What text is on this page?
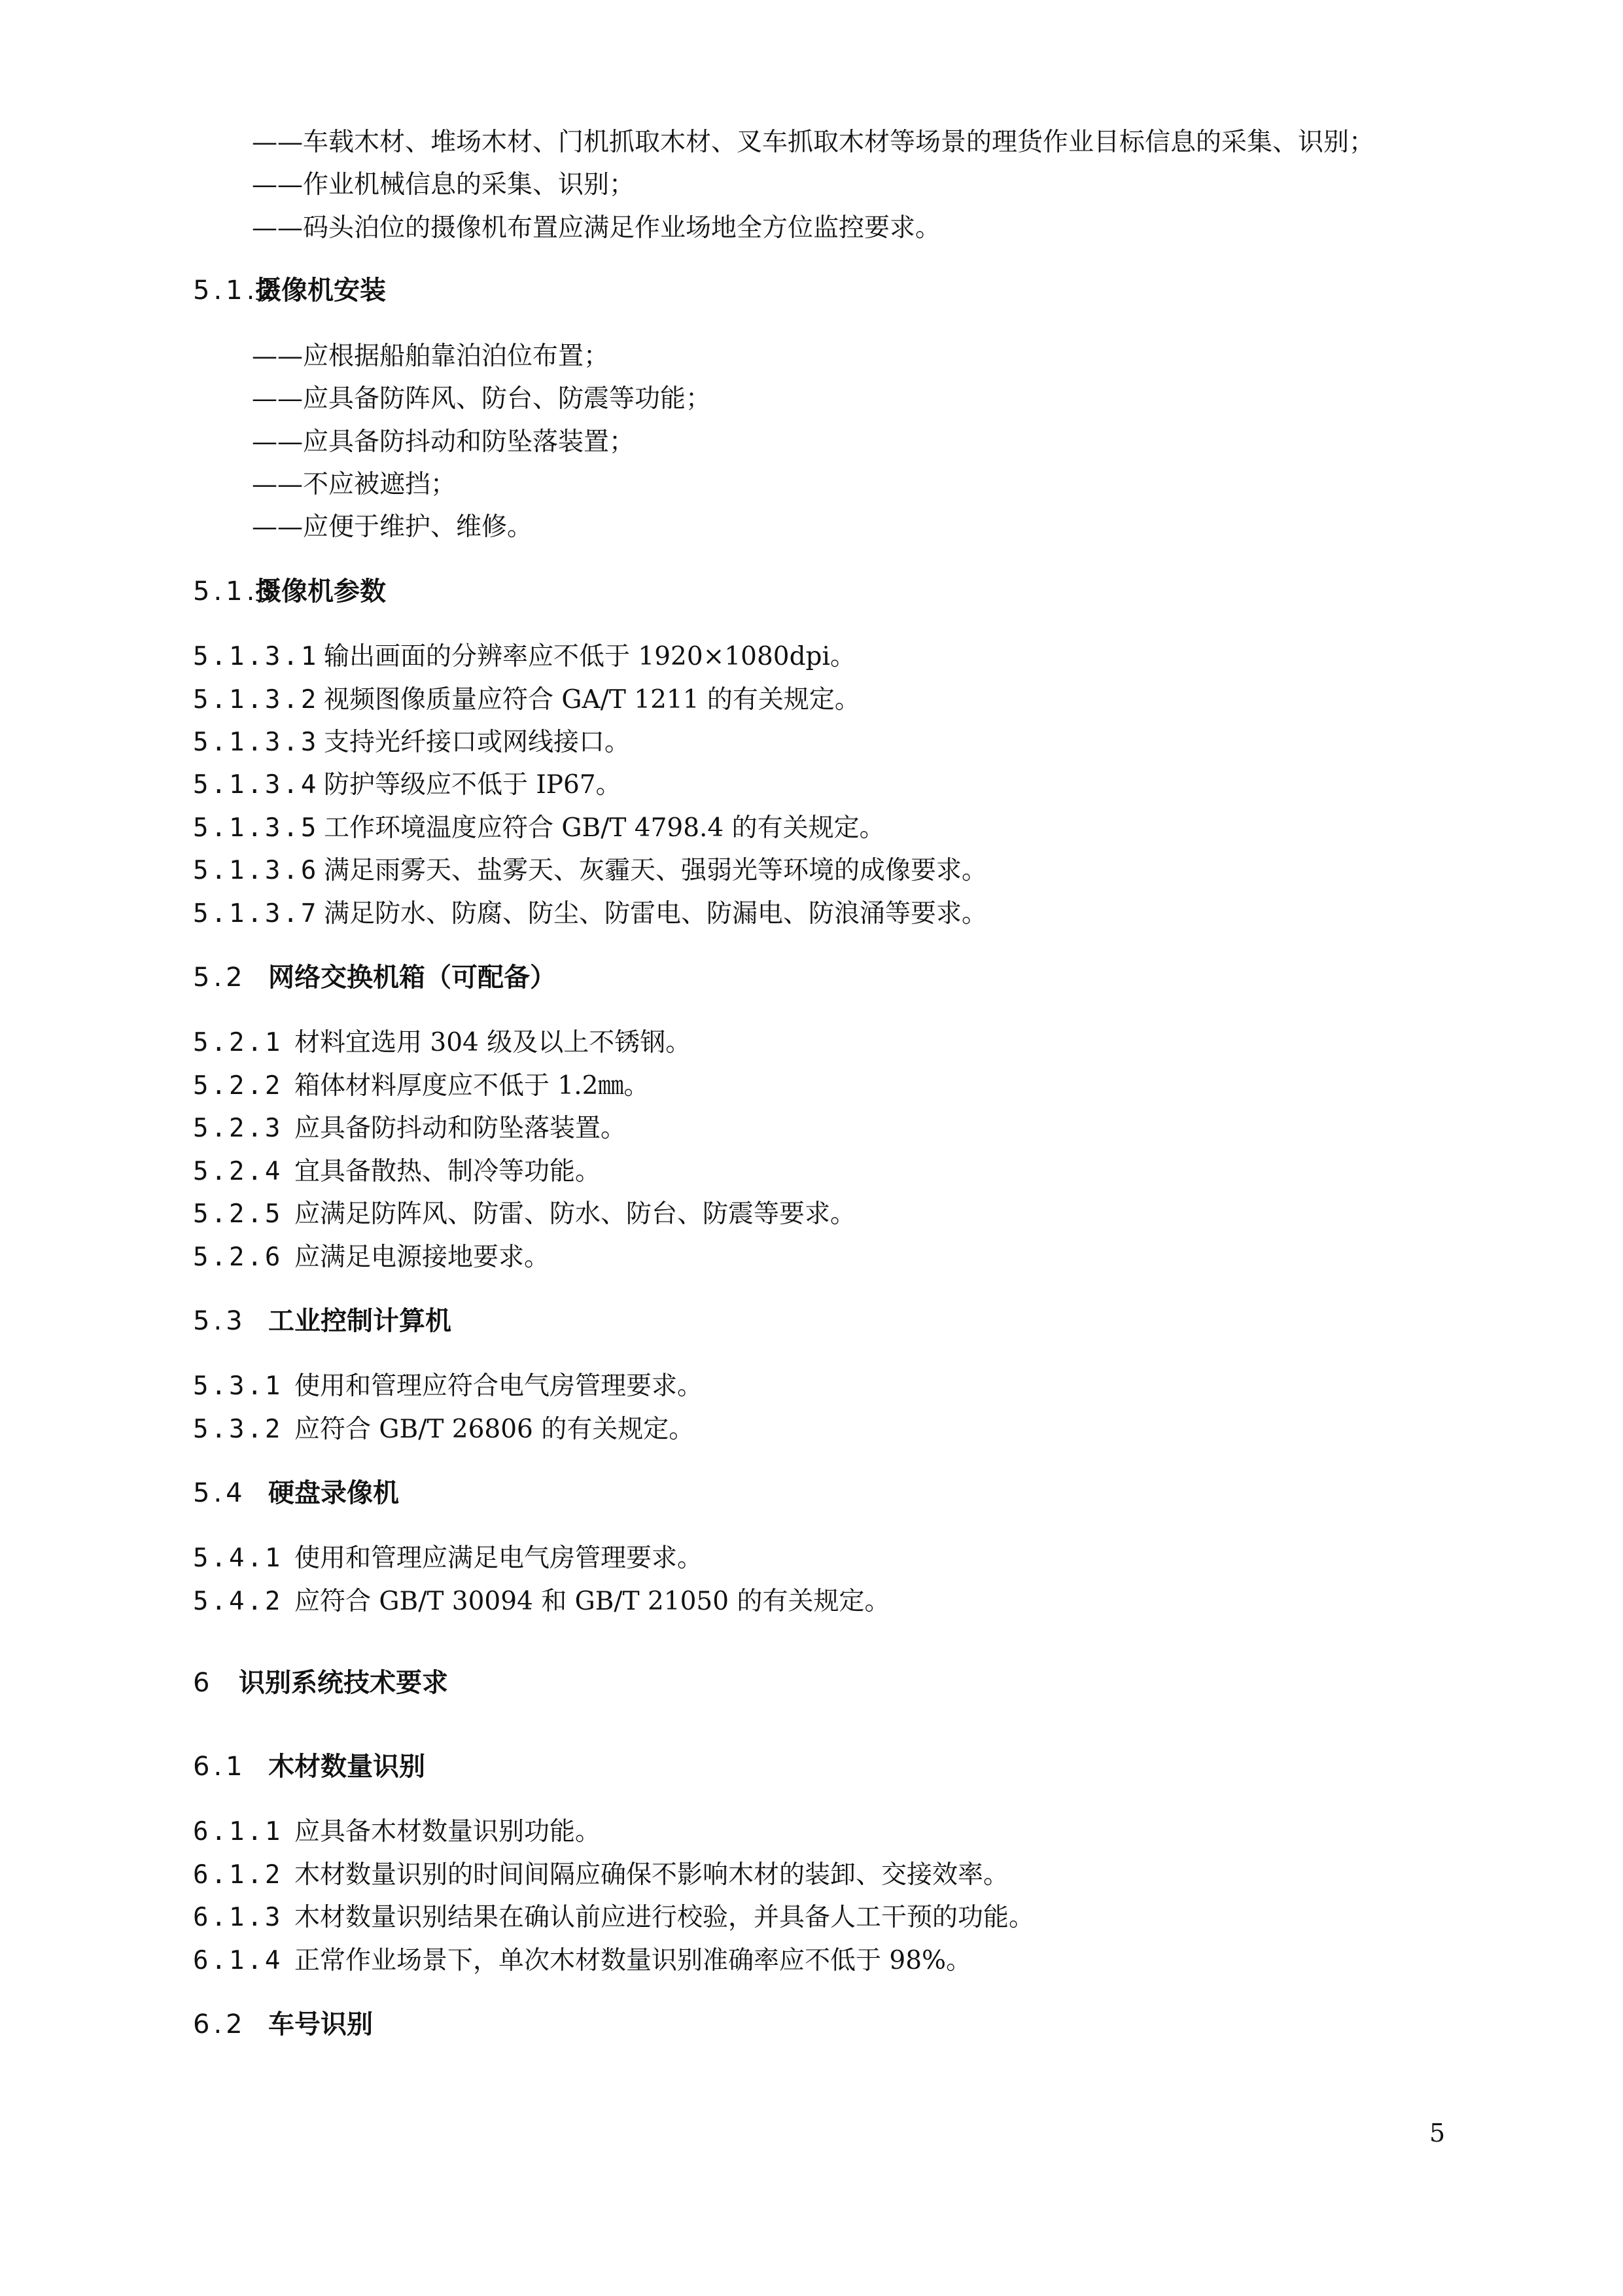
——车载木材、堆场木材、门机抓取木材、叉车抓取木材等场景的理货作业目标信息的采集、识别；
——作业机械信息的采集、识别；
——码头泊位的摄像机布置应满足作业场地全方位监控要求。
5.1.2摄像机安装
——应根据船舶靠泊泊位布置；
——应具备防阵风、防台、防震等功能；
——应具备防抖动和防坠落装置；
——不应被遮挡；
——应便于维护、维修。
5.1.3摄像机参数
5.1.3.1 输出画面的分辨率应不低于 1920×1080dpi。
5.1.3.2 视频图像质量应符合 GA/T 1211 的有关规定。
5.1.3.3 支持光纤接口或网线接口。
5.1.3.4 防护等级应不低于 IP67。
5.1.3.5 工作环境温度应符合 GB/T 4798.4 的有关规定。
5.1.3.6 满足雨雾天、盐雾天、灰霾天、强弱光等环境的成像要求。
5.1.3.7 满足防水、防腐、防尘、防雷电、防漏电、防浪涌等要求。
5.2 网络交换机箱（可配备）
5.2.1 材料宜选用 304 级及以上不锈钢。
5.2.2 箱体材料厚度应不低于 1.2㎜。
5.2.3 应具备防抖动和防坠落装置。
5.2.4 宜具备散热、制冷等功能。
5.2.5 应满足防阵风、防雷、防水、防台、防震等要求。
5.2.6 应满足电源接地要求。
5.3 工业控制计算机
5.3.1 使用和管理应符合电气房管理要求。
5.3.2 应符合 GB/T 26806 的有关规定。
5.4 硬盘录像机
5.4.1 使用和管理应满足电气房管理要求。
5.4.2 应符合 GB/T 30094 和 GB/T 21050 的有关规定。
6 识别系统技术要求
6.1 木材数量识别
6.1.1 应具备木材数量识别功能。
6.1.2 木材数量识别的时间间隔应确保不影响木材的装卸、交接效率。
6.1.3 木材数量识别结果在确认前应进行校验，并具备人工干预的功能。
6.1.4 正常作业场景下，单次木材数量识别准确率应不低于 98%。
6.2 车号识别
5
